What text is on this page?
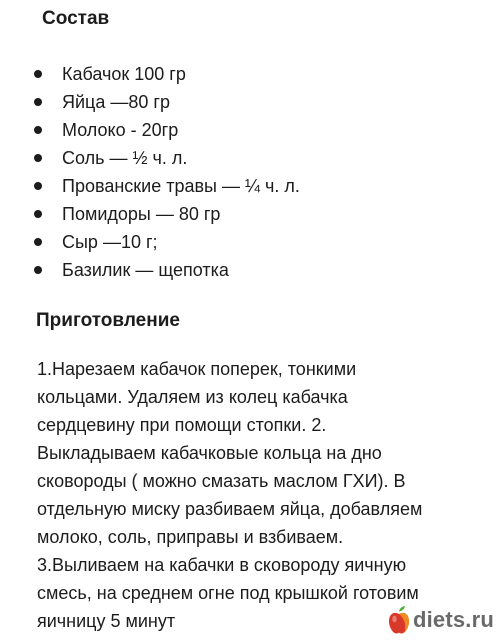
Состав
Кабачок 100 гр
Яйца —80 гр
Молоко - 20гр
Соль — ½ ч. л.
Прованские травы — ¼ ч. л.
Помидоры — 80 гр
Сыр —10 г;
Базилик — щепотка
Приготовление
1.Нарезаем кабачок поперек, тонкими
кольцами. Удаляем из колец кабачка
сердцевину при помощи стопки. 2.
Выкладываем кабачковые кольца на дно
сковороды ( можно смазать маслом ГХИ). В
отдельную миску разбиваем яйца, добавляем
молоко, соль, приправы и взбиваем.
3.Выливаем на кабачки в сковороду яичную
смесь, на среднем огне под крышкой готовим
яичницу 5 минут	diets.ru
